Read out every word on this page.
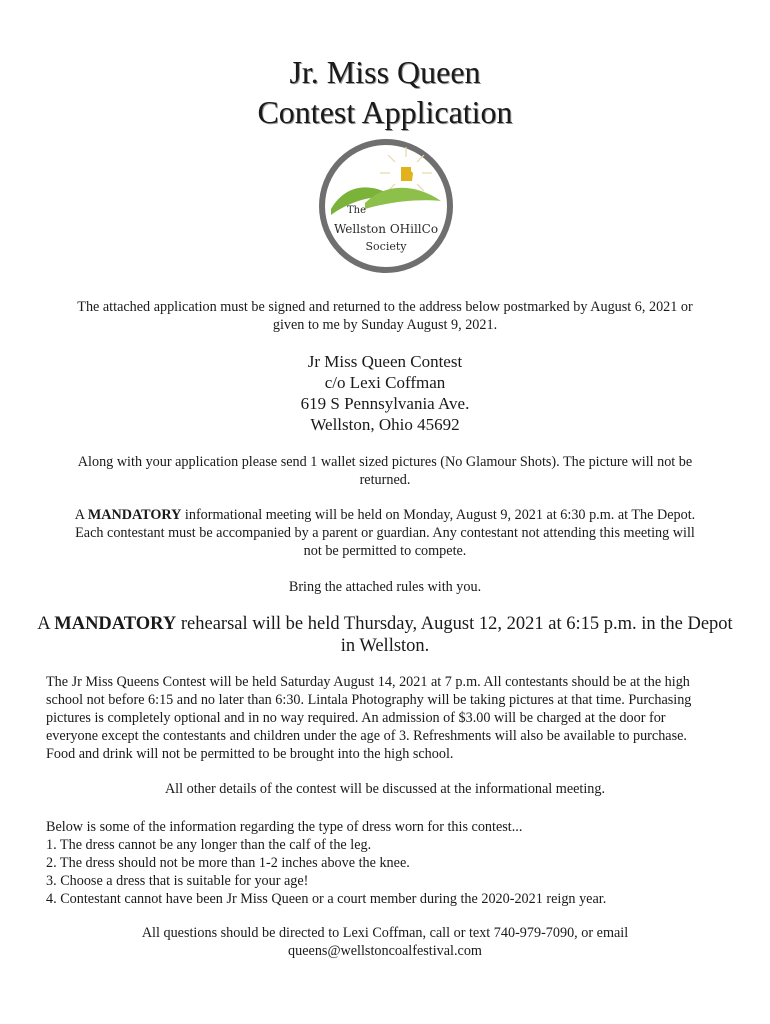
Jr. Miss Queen
Contest Application
The
Wellston OHillCo
Society
The attached application must be signed and returned to the address below postmarked by August 6, 2021 or
given to me by Sunday August 9, 2021.
Jr Miss Queen Contest
c/o Lexi Coffman
619 S Pennsylvania Ave.
Wellston, Ohio 45692
Along with your application please send 1 wallet sized pictures (No Glamour Shots). The picture will not be
returned.
A MANDATORY informational meeting will be held on Monday, August 9, 2021 at 6:30 p.m. at The Depot.
Each contestant must be accompanied by a parent or guardian. Any contestant not attending this meeting will
not be permitted to compete.
Bring the attached rules with you.
A MANDATORY rehearsal will be held Thursday, August 12, 2021 at 6:15 p.m. in the Depot
in Wellston.
The Jr Miss Queens Contest will be held Saturday August 14, 2021 at 7 p.m. All contestants should be at the high
school not before 6:15 and no later than 6:30. Lintala Photography will be taking pictures at that time. Purchasing
pictures is completely optional and in no way required. An admission of $3.00 will be charged at the door for
everyone except the contestants and children under the age of 3. Refreshments will also be available to purchase.
Food and drink will not be permitted to be brought into the high school.
All other details of the contest will be discussed at the informational meeting.
Below is some of the information regarding the type of dress worn for this contest...
1. The dress cannot be any longer than the calf of the leg.
2. The dress should not be more than 1-2 inches above the knee.
3. Choose a dress that is suitable for your age!
4. Contestant cannot have been Jr Miss Queen or a court member during the 2020-2021 reign year.
All questions should be directed to Lexi Coffman, call or text 740-979-7090, or email
queens@wellstoncoalfestival.com
